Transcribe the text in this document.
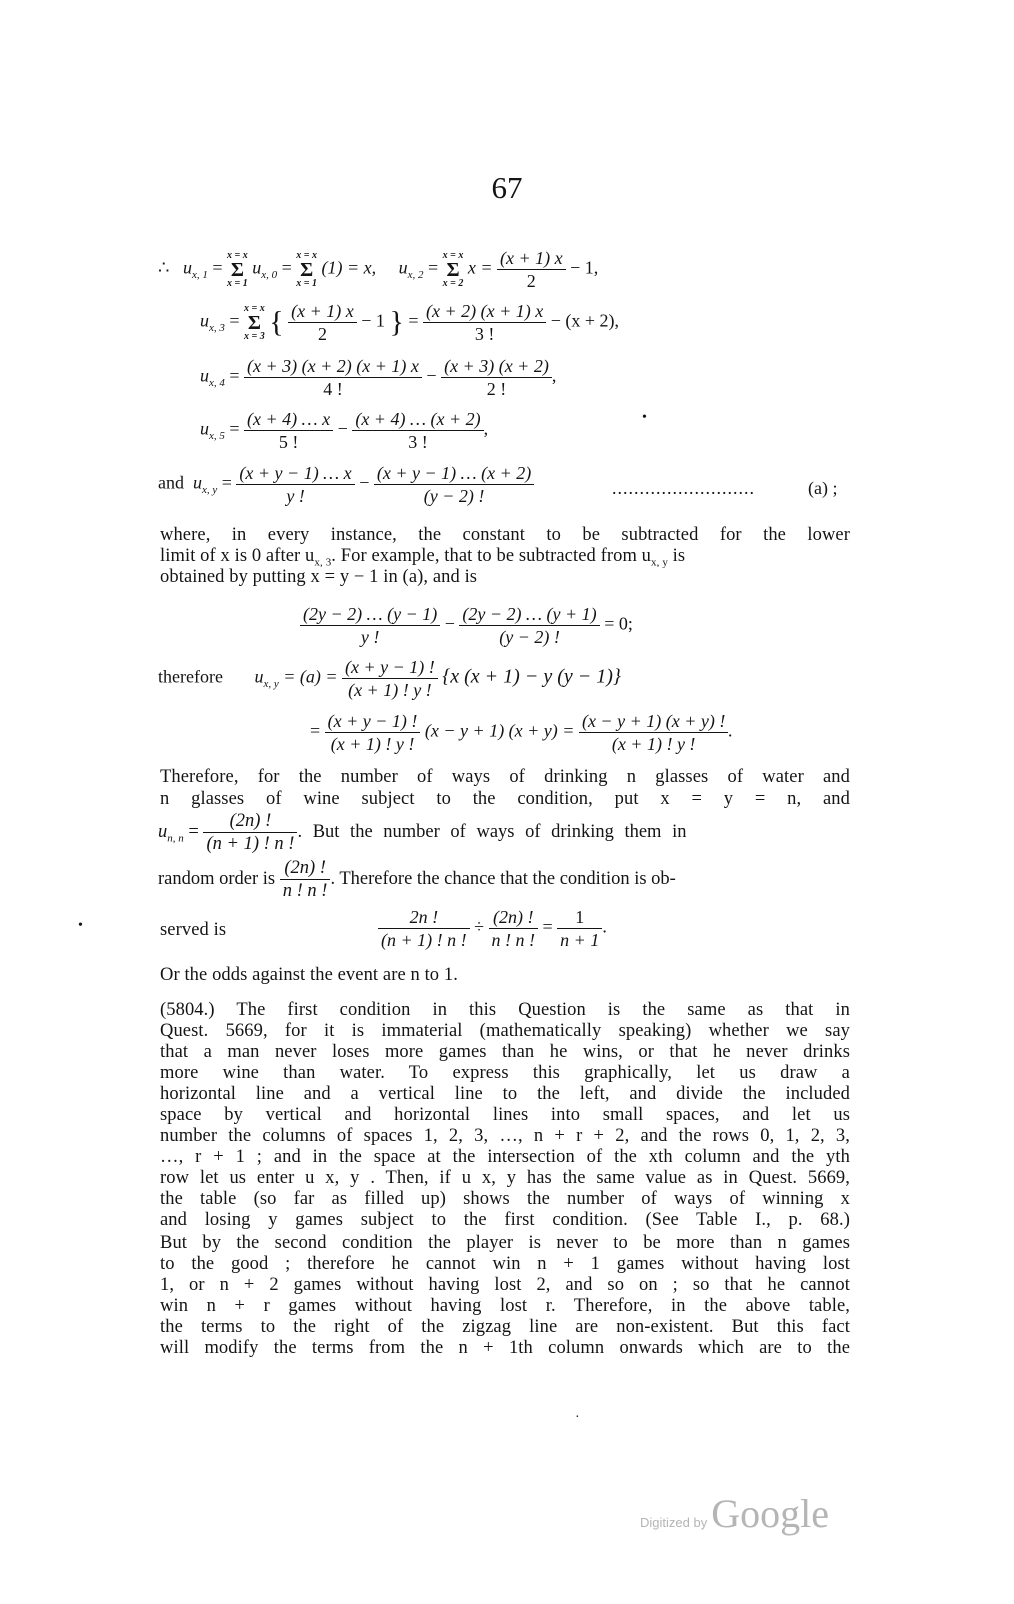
67
∴ $u_{x, 1}$ =
x = x
Σ
x = 1
$u_{x, 0}$ =
x = x
Σ
x = 1
(1) = x, $u_{x, 2}$ =
x = x
Σ
x = 2
$x = \frac{(x + 1) x}{2} - 1$,
$u_{x, 3}$ =
x = x
Σ
x = 3 { $\frac{(x + 1) x}{2} - 1$ } = $\frac{(x + 2) (x + 1) x}{3 !} - (x + 2)$,
$u_{x, 4} = \frac{(x + 3) (x + 2) (x + 1) x}{4 !} - \frac{(x + 3) (x + 2)}{2 !}$ ,
$u_{x, 5} = \frac{(x + 4) \dots x}{5 !} - \frac{(x + 4) \dots (x + 2)}{3 !}$ ,
and $u_{x, y} = \frac{(x + y - 1) \dots x}{y !} - \frac{(x + y - 1) \dots (x + 2)}{(y - 2) !}$	..........................	(a) ;
where, in every instance, the constant to be subtracted for the lower
limit of x is 0 after $u_{x, 3}$. For example, that to be subtracted from $u_{x, y}$ is
obtained by putting x = y − 1 in (a), and is
$\frac{(2y - 2) \dots (y - 1)}{y !} - \frac{(2y - 2) \dots (y + 1)}{(y - 2) !} = 0$;
therefore $u_{x, y} = (a) = \frac{(x + y - 1) !}{(x + 1) ! y !} \{x$ (x + 1) − y (y − 1)}
= $\frac{(x + y - 1) !}{(x + 1) ! y !} (x - y + 1) (x + y) = \frac{(x - y + 1) (x + y) !}{(x + 1) ! y !}$ .
Therefore, for the number of ways of drinking n glasses of water and
n glasses of wine subject to the condition, put x = y = n, and
$u_{n, n} = \frac{(2n) !}{(n + 1) ! n !}$ . But the number of ways of drinking them in
random order is $\frac{(2n) !}{n ! n !}$ . Therefore the chance that the condition is ob-
served is	$\frac{2n !}{(n + 1) ! n !} \div \frac{(2n) !}{n ! n !} = \frac{1}{n + 1}$ .
Or the odds against the event are n to 1.
(5804.) The first condition in this Question is the same as that in
Quest. 5669, for it is immaterial (mathematically speaking) whether we say
that a man never loses more games than he wins, or that he never drinks
more wine than water. To express this graphically, let us draw a
horizontal line and a vertical line to the left, and divide the included
space by vertical and horizontal lines into small spaces, and let us
number the columns of spaces 1, 2, 3, …, n + r + 2, and the rows 0, 1, 2, 3,
…, r + 1 ; and in the space at the intersection of the xth column and the yth
row let us enter u x, y . Then, if u x, y has the same value as in Quest. 5669,
the table (so far as filled up) shows the number of ways of winning x
and losing y games subject to the first condition. (See Table I., p. 68.)
But by the second condition the player is never to be more than n games
to the good ; therefore he cannot win n + 1 games without having lost
1, or n + 2 games without having lost 2, and so on ; so that he cannot
win n + r games without having lost r. Therefore, in the above table,
the terms to the right of the zigzag line are non-existent. But this fact
will modify the terms from the n + 1th column onwards which are to the
•
•
·
Digitized by Google
